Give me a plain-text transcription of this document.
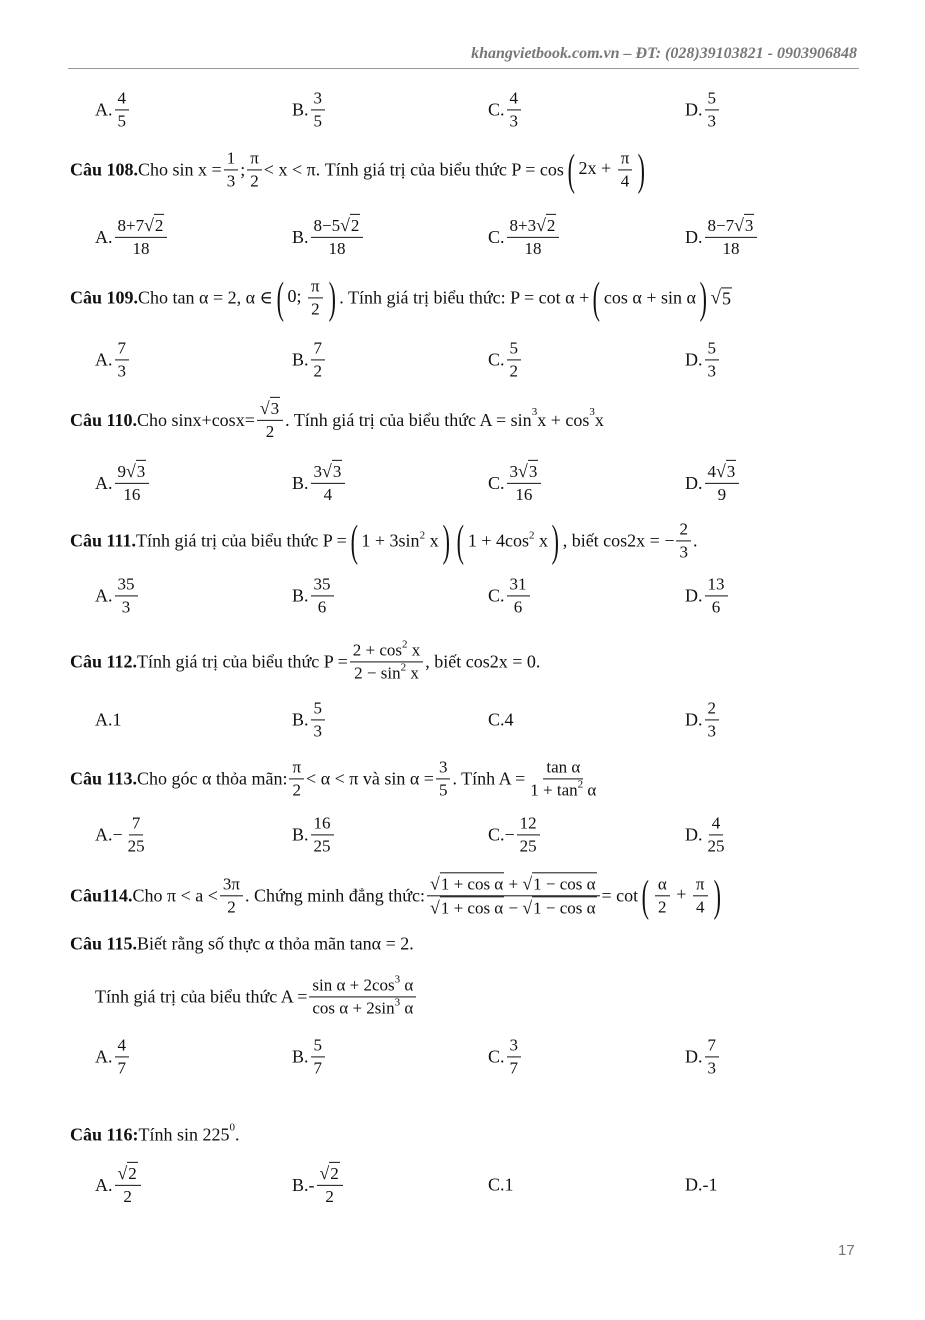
khangvietbook.com.vn – ĐT: (028)39103821 - 0903906848
A. $\frac{4}{5}$	B. $\frac{3}{5}$	C. $\frac{4}{3}$	D. $\frac{5}{3}$
Câu 108. Cho $\sin x = \frac{1}{3}$ ; $\frac{\pi}{2} < x < \pi$. Tính giá trị của biểu thức P = cos ( $2x + \frac{\pi}{4}$ )
A. $\frac{8+7 √ 2}{18}$	B. $\frac{8-5 √ 2}{18}$	C. $\frac{8+3 √ 2}{18}$	D. $\frac{8-7 √ 3}{18}$
Câu 109. Cho tan α = 2, α ∈ ( 0; $\frac{\pi}{2}$ ) . Tính giá trị biểu thức: P = cot α + ( cos α + sin α ) √ 5
A. $\frac{7}{3}$	B. $\frac{7}{2}$	C. $\frac{5}{2}$	D. $\frac{5}{3}$
Câu 110. Cho $\sin x+\cos x= \frac{√ 3}{2}$ . Tính giá trị của biểu thức A = sin 3 x + cos 3 x
A. $\frac{9 √ 3}{16}$	B. $\frac{3 √ 3}{4}$	C. $\frac{3 √ 3}{16}$	D. $\frac{4 √ 3}{9}$
Câu 111. Tính giá trị của biểu thức P = ( $1 + 3\sin^2$ x ) ( $1 + 4\cos^2$ x ) , biết cos2x = − $\frac{2}{3}$ .
A. $\frac{35}{3}$	B. $\frac{35}{6}$	C. $\frac{31}{6}$	D. $\frac{13}{6}$
Câu 112. Tính giá trị của biểu thức $P = \frac{2 + \cos^2 x}{2 - \sin^2 x}$ , biết cos2x = 0.
A. 1	B. $\frac{5}{3}$	C. 4	D. $\frac{2}{3}$
Câu 113. Cho góc α thỏa mãn: $\frac{\pi}{2} < \alpha < \pi$ và $\sin \alpha = \frac{3}{5}$ . Tính $A = \frac{\text{tan α}}{1 + \tan^2 \alpha}$
A. − $\frac{7}{25}$	B. $\frac{16}{25}$	C. − $\frac{12}{25}$	D. $\frac{4}{25}$
Câu114. Cho $\pi < a < \frac{3\pi}{2}$ . Chứng minh đẳng thức: $\frac{\text{√ 1 + cos α + √ 1 − cos α}}{\text{√ 1 + cos α − √ 1 − cos α}} = \cot$ ( $\frac{\alpha}{2} + \frac{\pi}{4}$ )
Câu 115. Biết rằng số thực α thỏa mãn tanα = 2.
Tính giá trị của biểu thức $A = \frac{\sin \alpha + 2\cos^3 \alpha}{\cos \alpha + 2\sin^3 \alpha}$
A. $\frac{4}{7}$	B. $\frac{5}{7}$	C. $\frac{3}{7}$	D. $\frac{7}{3}$
Câu 116: Tính sin 225 0 .
A. $\frac{√ 2}{2}$	$B.- \frac{√ 2}{2}$	C. 1	D. -1
17
